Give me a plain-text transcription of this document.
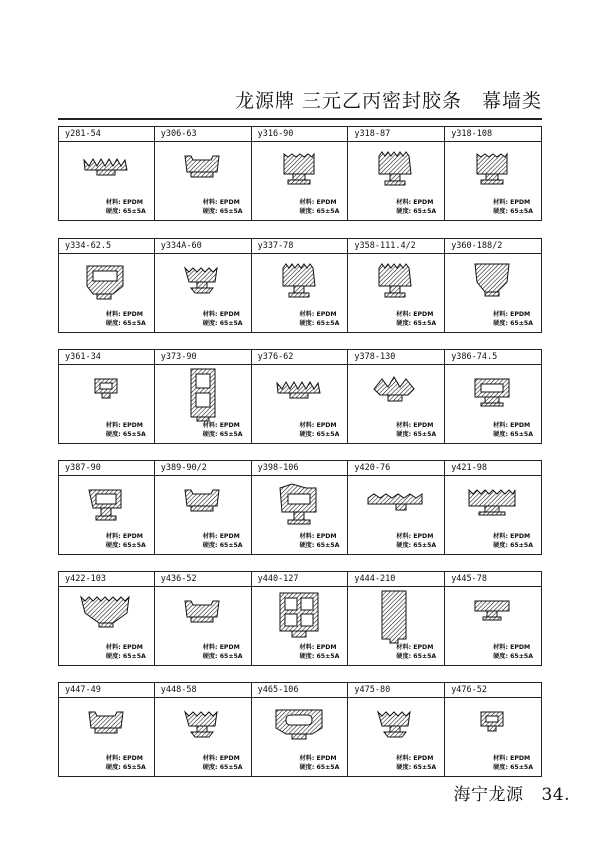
龙源牌 三元乙丙密封胶条　幕墙类
y281-54
材料: EPDM
硬度: 65±5A
y306-63
材料: EPDM
硬度: 65±5A
y316-90
材料: EPDM
硬度: 65±5A
y318-87
材料: EPDM
硬度: 65±5A
y318-108
材料: EPDM
硬度: 65±5A
y334-62.5
材料: EPDM
硬度: 65±5A
y334A-60
材料: EPDM
硬度: 65±5A
y337-78
材料: EPDM
硬度: 65±5A
y358-111.4/2
材料: EPDM
硬度: 65±5A
y360-188/2
材料: EPDM
硬度: 65±5A
y361-34
材料: EPDM
硬度: 65±5A
y373-90
材料: EPDM
硬度: 65±5A
y376-62
材料: EPDM
硬度: 65±5A
y378-130
材料: EPDM
硬度: 65±5A
y386-74.5
材料: EPDM
硬度: 65±5A
y387-90
材料: EPDM
硬度: 65±5A
y389-90/2
材料: EPDM
硬度: 65±5A
y398-106
材料: EPDM
硬度: 65±5A
y420-76
材料: EPDM
硬度: 65±5A
y421-98
材料: EPDM
硬度: 65±5A
y422-103
材料: EPDM
硬度: 65±5A
y436-52
材料: EPDM
硬度: 65±5A
y440-127
材料: EPDM
硬度: 65±5A
y444-210
材料: EPDM
硬度: 65±5A
y445-78
材料: EPDM
硬度: 65±5A
y447-49
材料: EPDM
硬度: 65±5A
y448-58
材料: EPDM
硬度: 65±5A
y465-106
材料: EPDM
硬度: 65±5A
y475-80
材料: EPDM
硬度: 65±5A
y476-52
材料: EPDM
硬度: 65±5A
海宁龙源 34.
